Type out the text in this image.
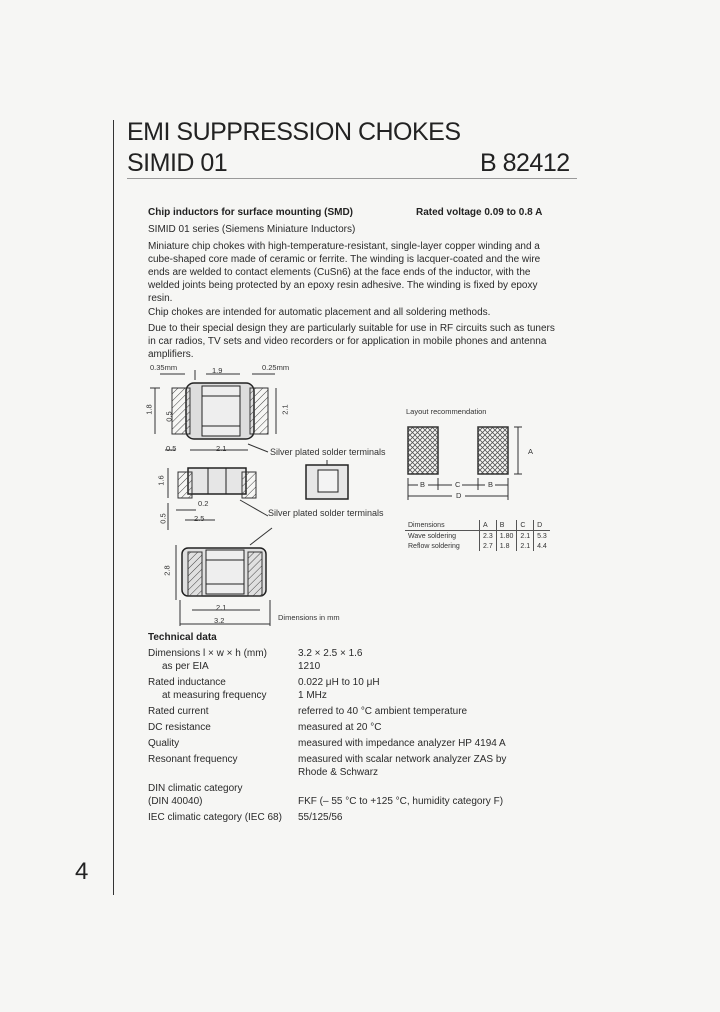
EMI SUPPRESSION CHOKES
SIMID 01	B 82412
Chip inductors for surface mounting (SMD)	Rated voltage 0.09 to 0.8 A
SIMID 01 series (Siemens Miniature Inductors)
Miniature chip chokes with high-temperature-resistant, single-layer copper winding and a cube-shaped core made of ceramic or ferrite. The winding is lacquer-coated and the wire ends are welded to contact elements (CuSn6) at the face ends of the inductor, with the welded joints being protected by an epoxy resin adhesive. The winding is fixed by epoxy resin.
Chip chokes are intended for automatic placement and all soldering methods.
Due to their special design they are particularly suitable for use in RF circuits such as tuners in car radios, TV sets and video recorders or for application in mobile phones and antenna amplifiers.
0.35mm	1.9	0.25mm
1.8
0.5
2.1
0.5	2.1	Silver plated solder terminals
1.6
0.2
0.5	2.5
Silver plated solder terminals
2.8
2.1
3.2	Dimensions in mm
Layout recommendation
A
B	C	B
D
Dimensions	A	B	C	D
Wave soldering	2.3	1.80	2.1	5.3
Reflow soldering	2.7	1.8	2.1	4.4
Technical data
Dimensions l × w × h (mm)	3.2 × 2.5 × 1.6
as per EIA	1210
Rated inductance	0.022 μH to 10 μH
at measuring frequency	1 MHz
Rated current	referred to 40 °C ambient temperature
DC resistance	measured at 20 °C
Quality	measured with impedance analyzer HP 4194 A
Resonant frequency	measured with scalar network analyzer ZAS by
Rhode & Schwarz
DIN climatic category
(DIN 40040)	FKF (– 55 °C to +125 °C, humidity category F)
IEC climatic category (IEC 68) 55/125/56
4
